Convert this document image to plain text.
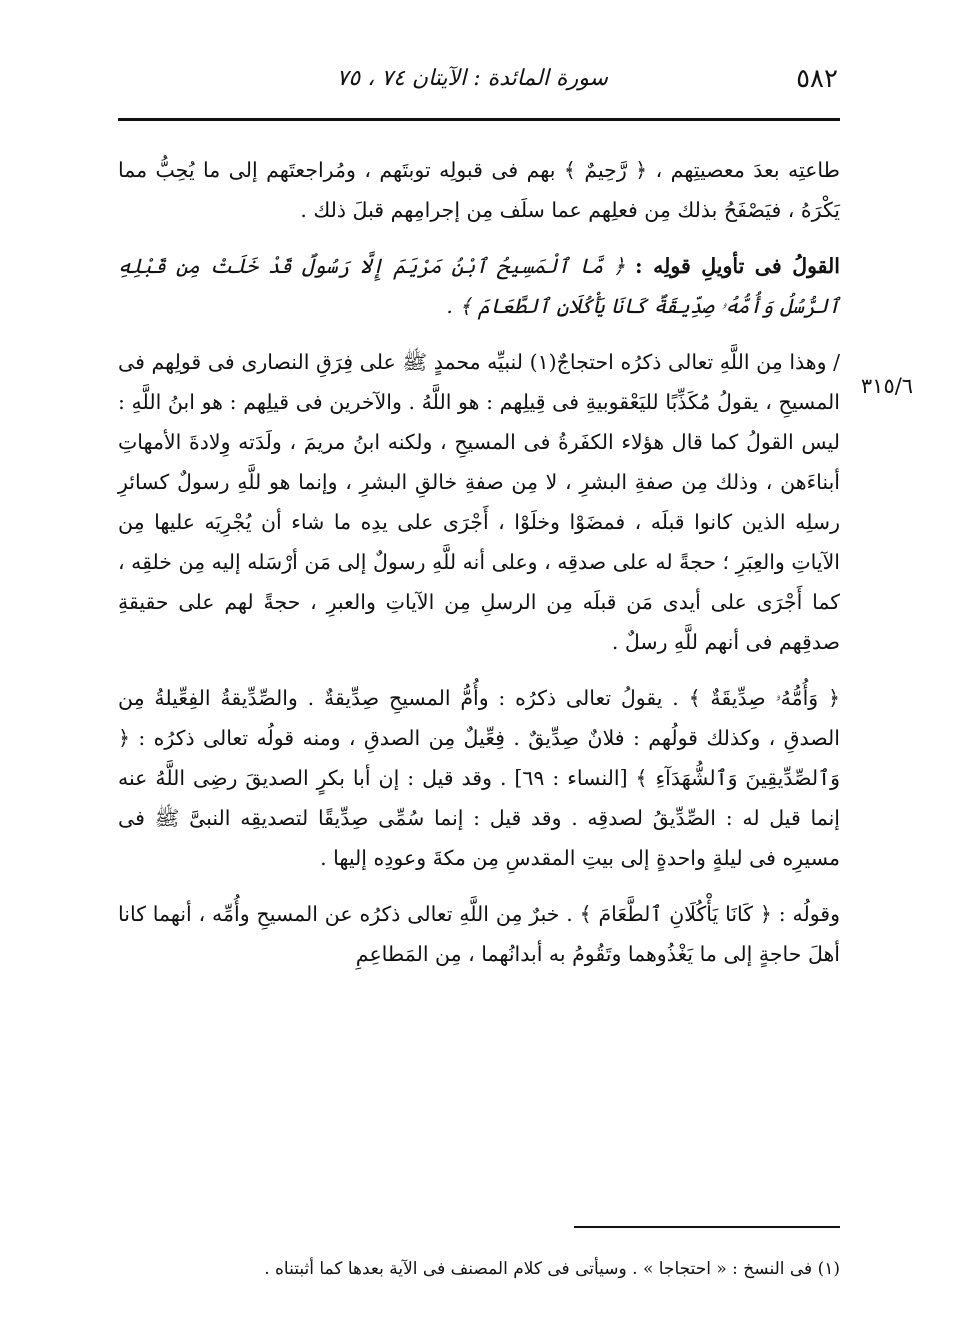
٥٨٢
سورة المائدة : الآيتان ٧٤ ، ٧٥
٣١٥/٦

طاعتِه بعدَ معصيتِهم ، ﴿ رَّحِيمٌ ﴾ بهم فى قبولِه توبتَهم ، ومُراجعتَهم إلى ما يُحِبُّ مما يَكْرَهُ ، فيَصْفَحُ بذلك مِن فعلِهم عما سلَف مِن إجرامِهم قبلَ ذلك .

القولُ فى تأويلِ قولِه : ﴿ مَّا ٱلْمَسِيحُ ٱبْنُ مَرْيَمَ إِلَّا رَسُولٌ قَدْ خَلَتْ مِن قَبْلِهِ ٱلرُّسُلُ وَأُمُّهُۥ صِدِّيقَةٌ كَانَا يَأْكُلَانِ ٱلطَّعَامَ ﴾ .

/ وهذا مِن اللَّهِ تعالى ذكرُه احتجاجٌ(١) لنبيِّه محمدٍ ﷺ على فِرَقِ النصارى فى قولِهم فى المسيحِ ، يقولُ مُكَذِّبًا لليَعْقوبيةِ فى قِيلِهم : هو اللَّهُ . والآخرين فى قيلِهم : هو ابنُ اللَّهِ : ليس القولُ كما قال هؤلاء الكفَرةُ فى المسيحِ ، ولكنه ابنُ مريمَ ، ولَدَته وِلادةَ الأمهاتِ أبناءَهن ، وذلك مِن صفةِ البشرِ ، لا مِن صفةِ خالقِ البشرِ ، وإنما هو للَّهِ رسولٌ كسائرِ رسلِه الذين كانوا قبلَه ، فمضَوْا وخلَوْا ، أَجْرَى على يدِه ما شاء أن يُجْرِيَه عليها مِن الآياتِ والعِبَرِ ؛ حجةً له على صدقِه ، وعلى أنه للَّهِ رسولٌ إلى مَن أرْسَله إليه مِن خلقِه ، كما أَجْرَى على أيدى مَن قبلَه مِن الرسلِ مِن الآياتِ والعبرِ ، حجةً لهم على حقيقةِ صدقِهم فى أنهم للَّهِ رسلٌ .

﴿ وَأُمُّهُۥ صِدِّيقَةٌ ﴾ . يقولُ تعالى ذكرُه : وأُمُّ المسيحِ صِدِّيقةٌ . والصِّدِّيقةُ الفِعِّيلةُ مِن الصدقِ ، وكذلك قولُهم : فلانٌ صِدِّيقٌ . فِعِّيلٌ مِن الصدقِ ، ومنه قولُه تعالى ذكرُه : ﴿ وَٱلصِّدِّيقِينَ وَٱلشُّهَدَآءِ ﴾ [النساء : ٦٩] . وقد قيل : إن أبا بكرٍ الصديقَ رضِى اللَّهُ عنه إنما قيل له : الصِّدِّيقُ لصدقِه . وقد قيل : إنما سُمِّى صِدِّيقًا لتصديقِه النبىَّ ﷺ فى مسيرِه فى ليلةٍ واحدةٍ إلى بيتِ المقدسِ مِن مكةَ وعودِه إليها .

وقولُه : ﴿ كَانَا يَأْكُلَانِ ٱلطَّعَامَ ﴾ . خبرٌ مِن اللَّهِ تعالى ذكرُه عن المسيحِ وأُمِّه ، أنهما كانا أهلَ حاجةٍ إلى ما يَغْذُوهما وتَقُومُ به أبدانُهما ، مِن المَطاعِمِ

(١) فى النسخ : « احتجاجا » . وسيأتى فى كلام المصنف فى الآية بعدها كما أثبتناه .
